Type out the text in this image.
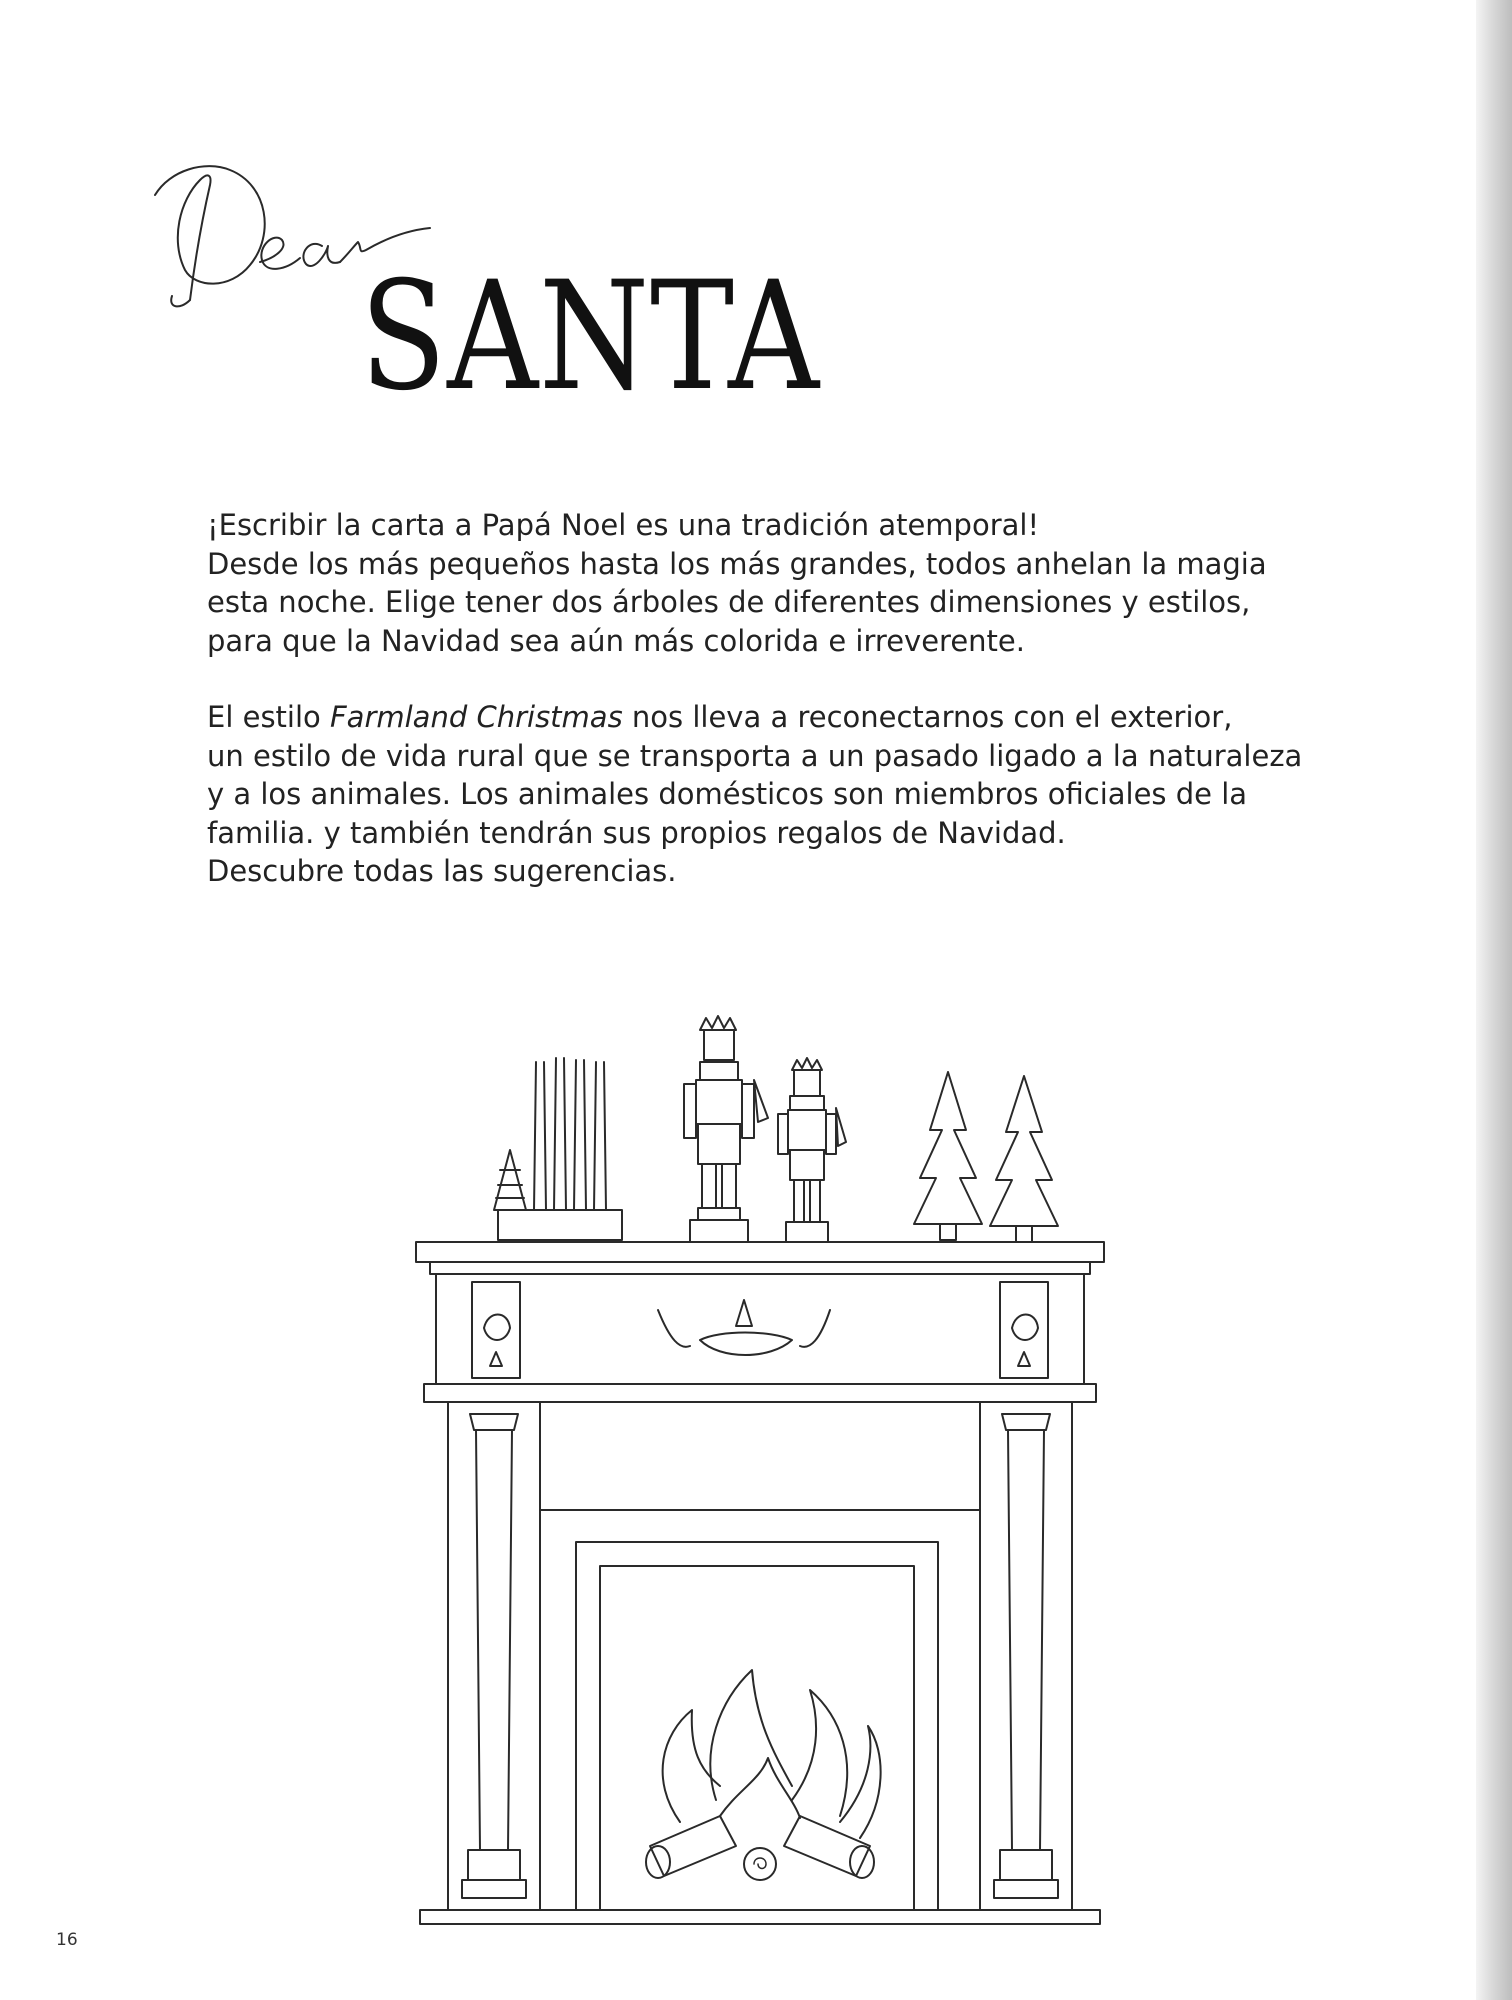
SANTA

¡Escribir la carta a Papá Noel es una tradición atemporal!
Desde los más pequeños hasta los más grandes, todos anhelan la magia
esta noche. Elige tener dos árboles de diferentes dimensiones y estilos,
para que la Navidad sea aún más colorida e irreverente.

El estilo Farmland Christmas nos lleva a reconectarnos con el exterior,
un estilo de vida rural que se transporta a un pasado ligado a la naturaleza
y a los animales. Los animales domésticos son miembros oficiales de la
familia. y también tendrán sus propios regalos de Navidad.
Descubre todas las sugerencias.

16
